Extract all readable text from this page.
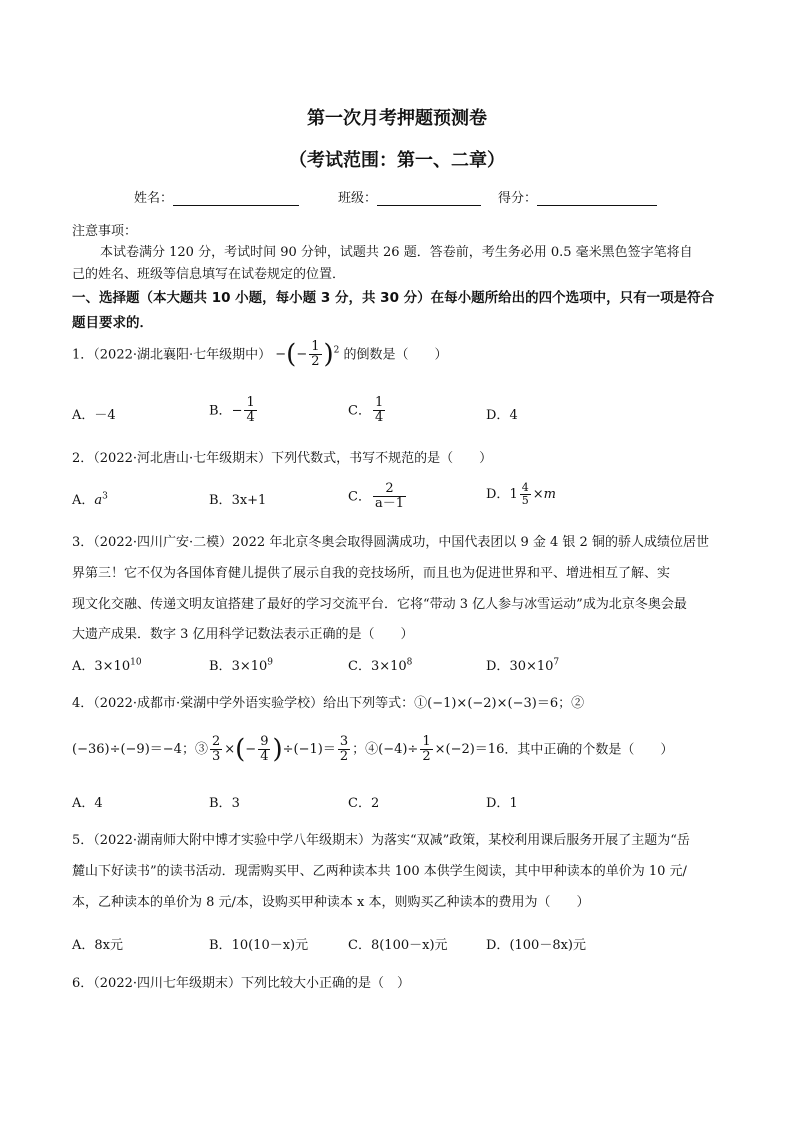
第一次月考押题预测卷
（考试范围：第一、二章）
姓名：	班级：	得分：
注意事项：
本试卷满分 120 分，考试时间 90 分钟，试题共 26 题．答卷前，考生务必用 0.5 毫米黑色签字笔将自
己的姓名、班级等信息填写在试卷规定的位置．
一、选择题（本大题共 10 小题，每小题 3 分，共 30 分）在每小题所给出的四个选项中，只有一项是符合
题目要求的．
1．（2022·湖北襄阳·七年级期中） −(− $\frac{1}{2} )^2$ 的倒数是（　　）
A．－4	B．− $\frac{1}{4}$	C． $\frac{1}{4}$	D．4
2．（2022·河北唐山·七年级期末）下列代数式，书写不规范的是（　　）
A．$a^3$	B．3x+1	C． $\frac{2}{a-1}$	D．$1 \frac{4}{5} \times m$
3．（2022·四川广安·二模）2022 年北京冬奥会取得圆满成功，中国代表团以 9 金 4 银 2 铜的骄人成绩位居世
界第三！它不仅为各国体育健儿提供了展示自我的竞技场所，而且也为促进世界和平、增进相互了解、实
现文化交融、传递文明友谊搭建了最好的学习交流平台．它将“带动 3 亿人参与冰雪运动”成为北京冬奥会最
大遗产成果．数字 3 亿用科学记数法表示正确的是（　　）
A．$3\times 10^{10}$	B．$3\times 10^9$	C．$3\times 10^8$	D．$30\times 10^7$
4．（2022·成都市·棠湖中学外语实验学校）给出下列等式：①(−1)×(−2)×(−3)＝6；②
(−36)÷(−9)＝−4；③ $\frac{2}{3}$ ×(− $\frac{9}{4} )\div(-1)= \frac{3}{2}$ ；④(−4)÷ $\frac{1}{2} \times(-2)=16$．其中正确的个数是（　　）
A．4	B．3	C．2	D．1
5．（2022·湖南师大附中博才实验中学八年级期末）为落实“双减”政策，某校利用课后服务开展了主题为“岳
麓山下好读书”的读书活动．现需购买甲、乙两种读本共 100 本供学生阅读，其中甲种读本的单价为 10 元/
本，乙种读本的单价为 8 元/本，设购买甲种读本 x 本，则购买乙种读本的费用为（　　）
A．8x元	B．10(10－x)元	C．8(100－x)元	D．(100－8x)元
6．（2022·四川七年级期末）下列比较大小正确的是（　）
